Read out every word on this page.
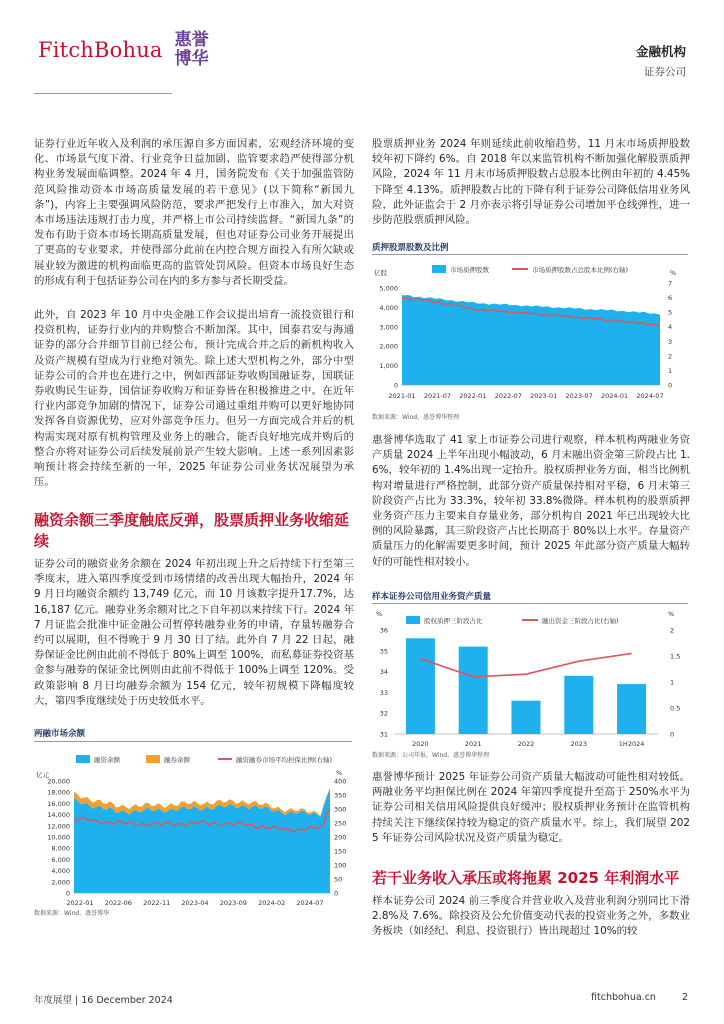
FitchBohua 惠誉博华	金融机构
证券公司
证券行业近年收入及利润的承压源自多方面因素，宏观经济环境的变化、市场景气度下滑、行业竞争日益加剧、监管要求趋严使得部分机构业务发展面临调整。2024 年 4 月，国务院发布《关于加强监管防范风险推动资本市场高质量发展的若干意见》(以下简称“新国九条”)，内容上主要强调风险防范，要求严把发行上市准入，加大对资本市场违法违规打击力度，并严格上市公司持续监督。“新国九条”的发布有助于资本市场长期高质量发展，但也对证券公司业务开展提出了更高的专业要求，并使得部分此前在内控合规方面投入有所欠缺或展业较为激进的机构面临更高的监管处罚风险。但资本市场良好生态的形成有利于包括证券公司在内的多方参与者长期受益。
此外，自 2023 年 10 月中央金融工作会议提出培育一流投资银行和投资机构，证券行业内的并购整合不断加深。其中，国泰君安与海通证券的部分合并细节目前已经公布，预计完成合并之后的新机构收入及资产规模有望成为行业绝对领先。除上述大型机构之外，部分中型证券公司的合并也在进行之中，例如西部证券收购国融证券，国联证券收购民生证券，国信证券收购万和证券皆在积极推进之中。在近年行业内部竞争加剧的情况下，证券公司通过重组并购可以更好地协同发挥各自资源优势，应对外部竞争压力。但另一方面完成合并后的机构需实现对原有机构管理及业务上的融合，能否良好地完成并购后的整合亦将对证券公司后续发展前景产生较大影响。上述一系列因素影响预计将会持续至新的一年，2025 年证券公司业务状况展望为承压。
融资余额三季度触底反弹，股票质押业务收缩延续
证券公司的融资业务余额在 2024 年初出现上升之后持续下行至第三季度末，进入第四季度受到市场情绪的改善出现大幅抬升，2024 年 9 月日均融资余额约 13,749 亿元，而 10 月该数字提升17.7%，达 16,187 亿元。融券业务余额对比之下自年初以来持续下行。2024 年 7 月证监会批准中证金融公司暂停转融券业务的申请，存量转融券合约可以展期，但不得晚于 9 月 30 日了结。此外自 7 月 22 日起，融券保证金比例由此前不得低于 80%上调至 100%，而私募证券投资基金参与融券的保证金比例则由此前不得低于 100%上调至 120%。受政策影响 8 月日均融券余额为 154 亿元，较年初规模下降幅度较大，第四季度继续处于历史较低水平。
两融市场余额
融资余额	融券余额	融资融券市场平均担保比例(右轴)
亿元	%
20,000
18,000
16,000
14,000
12,000
10,000
8,000
6,000
4,000
2,000
0
400
350
300
250
200
150
100
50
0
2022-01 2022-06 2022-11 2023-04 2023-09 2024-02 2024-07
数据来源：Wind，惠誉博华
股票质押业务 2024 年则延续此前收缩趋势，11 月末市场质押股数较年初下降约 6%。自 2018 年以来监管机构不断加强化解股票质押风险，2024 年 11 月末市场质押股数占总股本比例由年初的 4.45%下降至 4.13%。质押股数占比的下降有利于证券公司降低信用业务风险，此外证监会于 2 月亦表示将引导证券公司增加平仓线弹性，进一步防范股票质押风险。
质押股票股数及比例
市场质押股数	市场质押股数占总股本比例(右轴)
亿股	%
5,000
4,000
3,000
2,000
1,000
0
7
6
5
4
3
2
1
0
2021-01 2021-07 2022-01 2022-07 2023-01 2023-07 2024-01 2024-07
数据来源：Wind，惠誉博华整理
惠誉博华选取了 41 家上市证券公司进行观察，样本机构两融业务资产质量 2024 上半年出现小幅波动，6 月末融出资金第三阶段占比 1.6%，较年初的 1.4%出现一定抬升。股权质押业务方面，相当比例机构对增量进行严格控制，此部分资产质量保持相对平稳，6 月末第三阶段资产占比为 33.3%，较年初 33.8%微降。样本机构的股票质押业务资产压力主要来自存量业务，部分机构自 2021 年已出现较大比例的风险暴露，其三阶段资产占比长期高于 80%以上水平。存量资产质量压力的化解需要更多时间，预计 2025 年此部分资产质量大幅转好的可能性相对较小。
样本证券公司信用业务资产质量
股权质押三阶段占比	融出资金三阶段占比(右轴)
%	%
36
35
34
33
32
31
2
1.5
1
0.5
0
2020	2021	2022	2023	1H2024
数据来源：公司年报，Wind，惠誉博华整理
惠誉博华预计 2025 年证券公司资产质量大幅波动可能性相对较低。两融业务平均担保比例在 2024 年第四季度提升至高于 250%水平为证券公司相关信用风险提供良好缓冲；股权质押业务预计在监管机构持续关注下继续保持较为稳定的资产质量水平。综上，我们展望 2025 年证券公司风险状况及资产质量为稳定。
若干业务收入承压或将拖累 2025 年利润水平
样本证券公司 2024 前三季度合并营业收入及营业利润分别同比下滑 2.8%及 7.6%。除投资及公允价值变动代表的投资业务之外，多数业务板块（如经纪、利息、投资银行）皆出现超过 10%的较
年度展望 | 16 December 2024	fitchbohua.cn	2
